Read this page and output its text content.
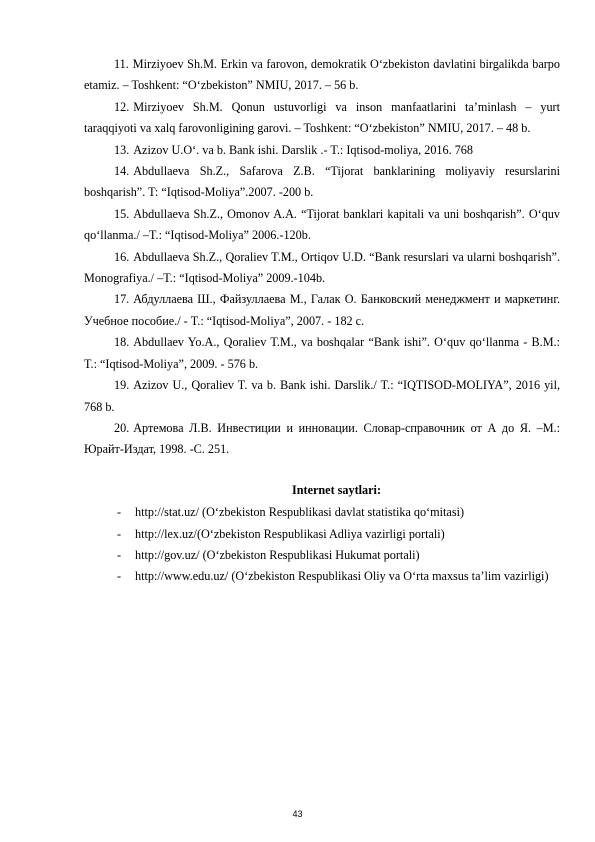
11. Mirziyoev Sh.M. Erkin va farovon, demokratik O‘zbekiston davlatini birgalikda barpo etamiz. – Toshkent: “O‘zbekiston” NMIU, 2017. – 56 b.

12. Mirziyoev Sh.M. Qonun ustuvorligi va inson manfaatlarini ta’minlash – yurt taraqqiyoti va xalq farovonligining garovi. – Toshkent: “O‘zbekiston” NMIU, 2017. – 48 b.

13. Azizov U.O‘. va b. Bank ishi. Darslik .- T.: Iqtisod-moliya, 2016. 768

14. Abdullaeva Sh.Z., Safarova Z.B. “Tijorat banklarining moliyaviy resurslarini boshqarish”. T: “Iqtisod-Moliya”.2007. -200 b.

15. Abdullaeva Sh.Z., Omonov A.A. “Tijorat banklari kapitali va uni boshqarish”. O‘quv qo‘llanma./ –T.: “Iqtisod-Moliya” 2006.-120b.

16. Abdullaeva Sh.Z., Qoraliev T.M., Ortiqov U.D. “Bank resurslari va ularni boshqarish”. Monografiya./ –T.: “Iqtisod-Moliya” 2009.-104b.

17. Абдуллаева Ш., Файзуллаева М., Галак О. Банковский менеджмент и маркетинг. Учебное пособие./ - T.: “Iqtisod-Moliya”, 2007. - 182 с.

18. Abdullaev Yo.A., Qoraliev T.M., va boshqalar “Bank ishi”. O‘quv qo‘llanma - B.M.: T.: “Iqtisod-Moliya”, 2009. - 576 b.

19. Azizov U., Qoraliev T. va b. Bank ishi. Darslik./ T.: “IQTISOD-MOLIYA”, 2016 yil, 768 b.

20. Артемова Л.В. Инвестиции и инновации. Словар-справочник от А до Я. –М.: Юрайт-Издат, 1998. -С. 251.

Internet saytlari:

-	http://stat.uz/ (O‘zbekiston Respublikasi davlat statistika qo‘mitasi)

-	http://lex.uz/(O‘zbekiston Respublikasi Adliya vazirligi portali)

-	http://gov.uz/ (O‘zbekiston Respublikasi Hukumat portali)

-	http://www.edu.uz/ (O‘zbekiston Respublikasi Oliy va O‘rta maxsus ta’lim vazirligi)

43
